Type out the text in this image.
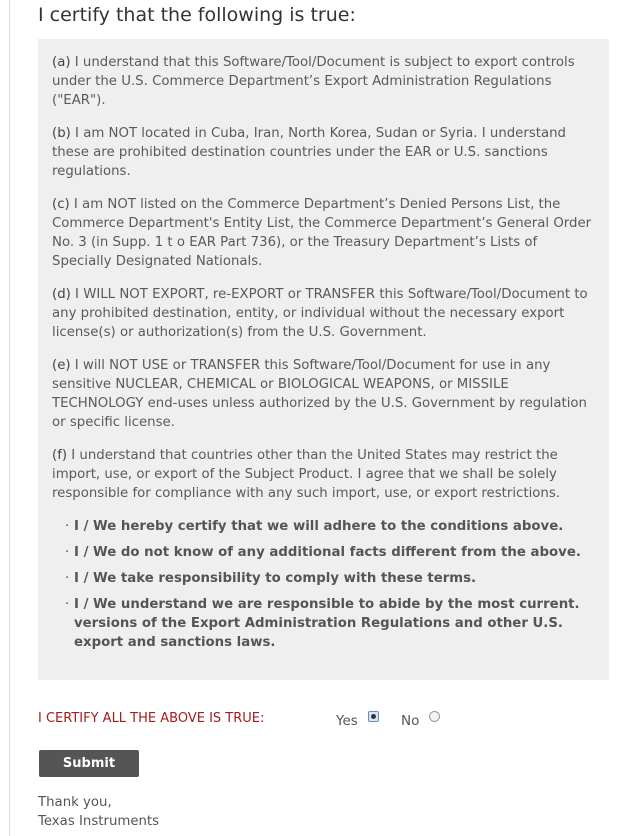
I certify that the following is true:

(a) I understand that this Software/Tool/Document is subject to export controls under the U.S. Commerce Department’s Export Administration Regulations ("EAR").

(b) I am NOT located in Cuba, Iran, North Korea, Sudan or Syria. I understand these are prohibited destination countries under the EAR or U.S. sanctions regulations.

(c) I am NOT listed on the Commerce Department’s Denied Persons List, the Commerce Department's Entity List, the Commerce Department’s General Order No. 3 (in Supp. 1 t o EAR Part 736), or the Treasury Department’s Lists of Specially Designated Nationals.

(d) I WILL NOT EXPORT, re-EXPORT or TRANSFER this Software/Tool/Document to any prohibited destination, entity, or individual without the necessary export license(s) or authorization(s) from the U.S. Government.

(e) I will NOT USE or TRANSFER this Software/Tool/Document for use in any sensitive NUCLEAR, CHEMICAL or BIOLOGICAL WEAPONS, or MISSILE TECHNOLOGY end-uses unless authorized by the U.S. Government by regulation or specific license.

(f) I understand that countries other than the United States may restrict the import, use, or export of the Subject Product. I agree that we shall be solely responsible for compliance with any such import, use, or export restrictions.

· I / We hereby certify that we will adhere to the conditions above.
· I / We do not know of any additional facts different from the above.
· I / We take responsibility to comply with these terms.
· I / We understand we are responsible to abide by the most current. versions of the Export Administration Regulations and other U.S. export and sanctions laws.
I CERTIFY ALL THE ABOVE IS TRUE:	Yes	No
Submit
Thank you,
Texas Instruments
